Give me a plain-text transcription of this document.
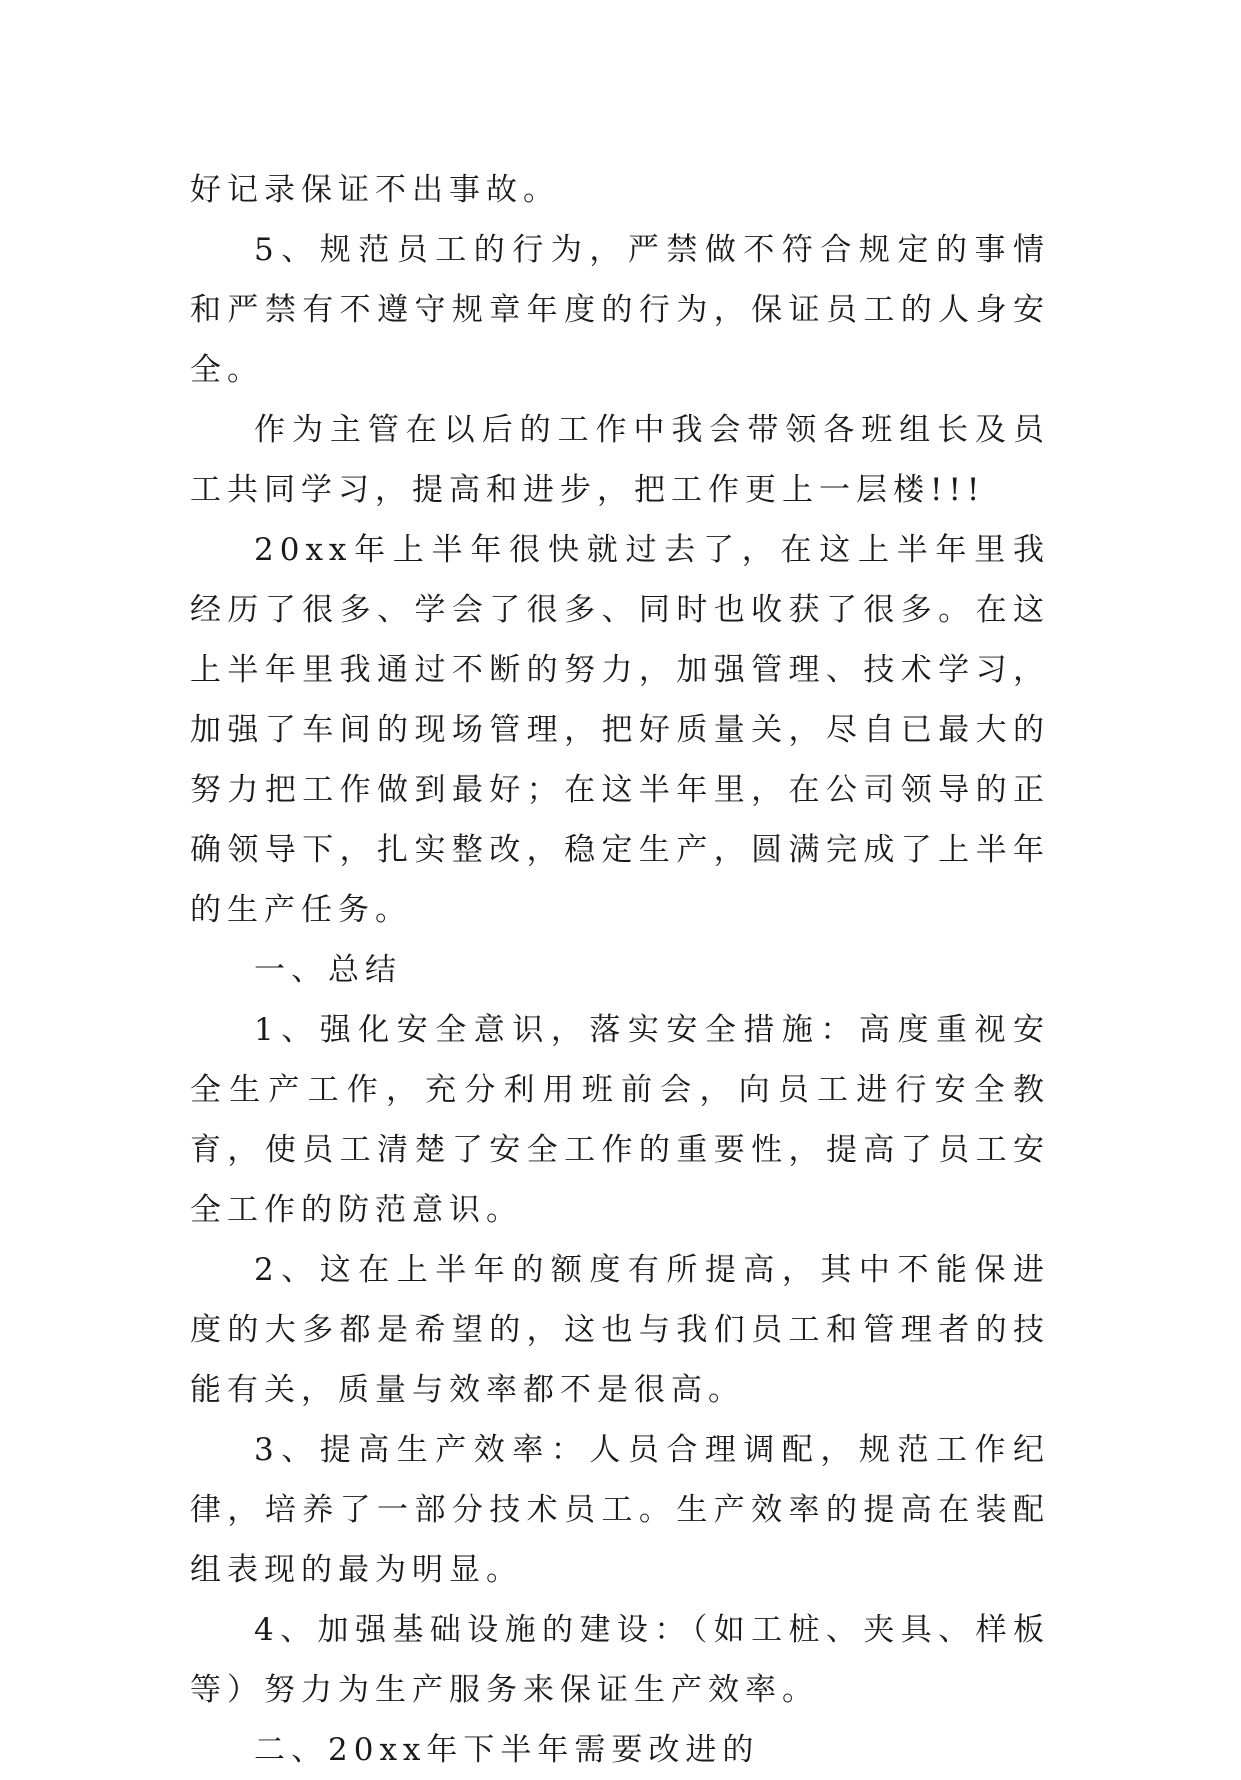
好记录保证不出事故。

5、规范员工的行为，严禁做不符合规定的事情和严禁有不遵守规章年度的行为，保证员工的人身安全。

作为主管在以后的工作中我会带领各班组长及员工共同学习，提高和进步，把工作更上一层楼!!!

20xx年上半年很快就过去了，在这上半年里我经历了很多、学会了很多、同时也收获了很多。在这上半年里我通过不断的努力，加强管理、技术学习，加强了车间的现场管理，把好质量关，尽自已最大的努力把工作做到最好；在这半年里，在公司领导的正确领导下，扎实整改，稳定生产，圆满完成了上半年的生产任务。

一、总结

1、强化安全意识，落实安全措施：高度重视安全生产工作，充分利用班前会，向员工进行安全教育，使员工清楚了安全工作的重要性，提高了员工安全工作的防范意识。

2、这在上半年的额度有所提高，其中不能保进度的大多都是希望的，这也与我们员工和管理者的技能有关，质量与效率都不是很高。

3、提高生产效率：人员合理调配，规范工作纪律，培养了一部分技术员工。生产效率的提高在装配组表现的最为明显。

4、加强基础设施的建设：（如工桩、夹具、样板等）努力为生产服务来保证生产效率。

二、20xx年下半年需要改进的
